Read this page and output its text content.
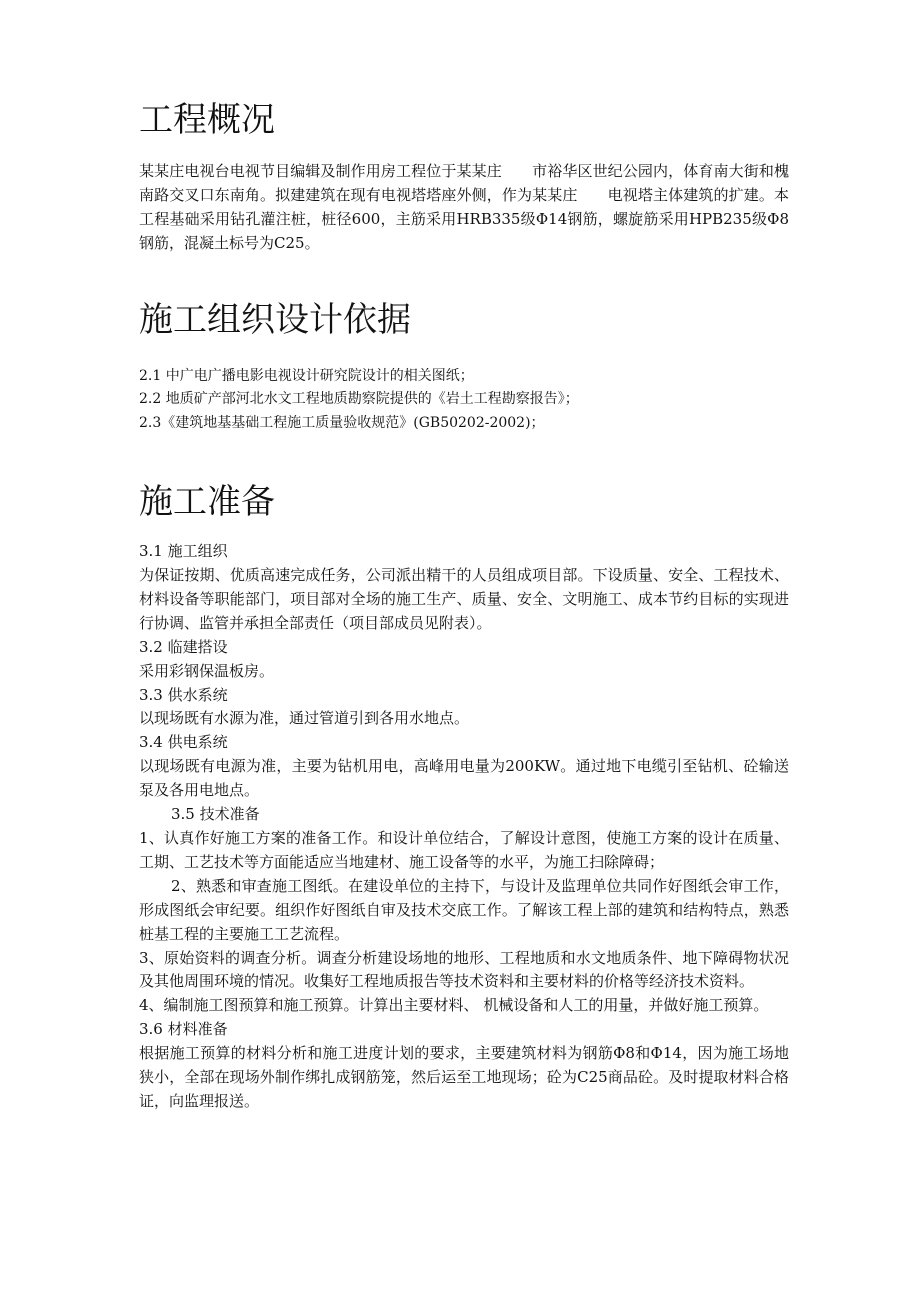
工程概况

某某庄电视台电视节目编辑及制作用房工程位于某某庄　　市裕华区世纪公园内，体育南大街和槐南路交叉口东南角。拟建建筑在现有电视塔塔座外侧，作为某某庄　　电视塔主体建筑的扩建。本工程基础采用钻孔灌注桩，桩径600，主筋采用HRB335级Φ14钢筋，螺旋筋采用HPB235级Φ8钢筋，混凝土标号为C25。

施工组织设计依据

2.1 中广电广播电影电视设计研究院设计的相关图纸；

2.2 地质矿产部河北水文工程地质勘察院提供的《岩土工程勘察报告》；

2.3《建筑地基基础工程施工质量验收规范》(GB50202-2002)；

施工准备

3.1 施工组织

为保证按期、优质高速完成任务，公司派出精干的人员组成项目部。下设质量、安全、工程技术、材料设备等职能部门，项目部对全场的施工生产、质量、安全、文明施工、成本节约目标的实现进行协调、监管并承担全部责任（项目部成员见附表）。

3.2 临建搭设

采用彩钢保温板房。

3.3 供水系统

以现场既有水源为准，通过管道引到各用水地点。

3.4 供电系统

以现场既有电源为准，主要为钻机用电，高峰用电量为200KW。通过地下电缆引至钻机、砼输送泵及各用电地点。

3.5 技术准备

1、认真作好施工方案的准备工作。和设计单位结合，了解设计意图，使施工方案的设计在质量、工期、工艺技术等方面能适应当地建材、施工设备等的水平，为施工扫除障碍；

2、熟悉和审查施工图纸。在建设单位的主持下，与设计及监理单位共同作好图纸会审工作，形成图纸会审纪要。组织作好图纸自审及技术交底工作。了解该工程上部的建筑和结构特点，熟悉桩基工程的主要施工工艺流程。

3、原始资料的调查分析。调查分析建设场地的地形、工程地质和水文地质条件、地下障碍物状况及其他周围环境的情况。收集好工程地质报告等技术资料和主要材料的价格等经济技术资料。

4、编制施工图预算和施工预算。计算出主要材料、 机械设备和人工的用量，并做好施工预算。

3.6 材料准备

根据施工预算的材料分析和施工进度计划的要求，主要建筑材料为钢筋Φ8和Φ14，因为施工场地狭小，全部在现场外制作绑扎成钢筋笼，然后运至工地现场；砼为C25商品砼。及时提取材料合格证，向监理报送。
